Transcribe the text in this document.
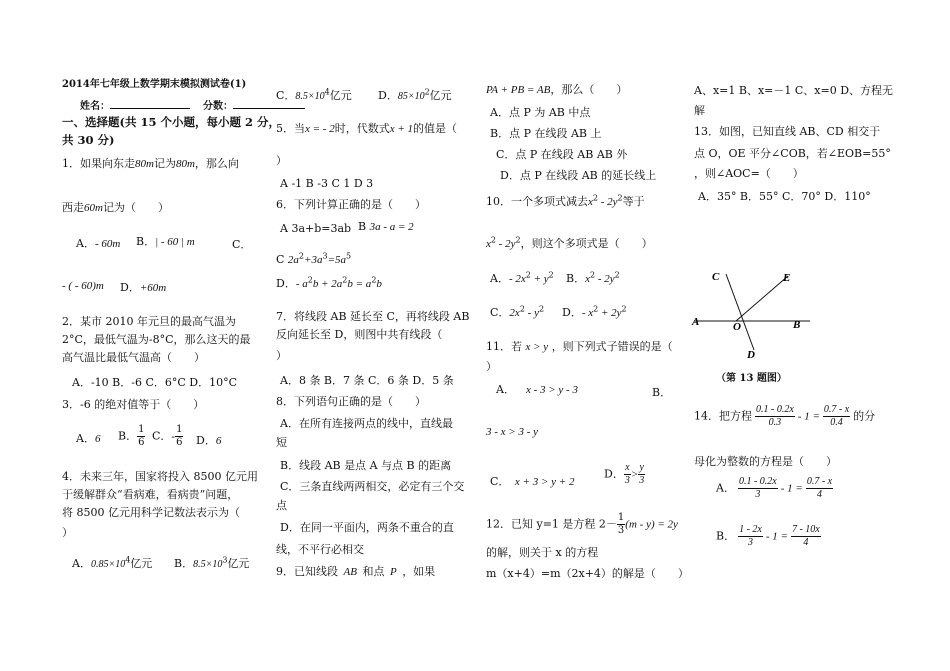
2014年七年级上数学期末模拟测试卷(1)
姓名：	分数：
一、选择题(共 15 个小题，每小题 2 分，
共 30 分)
1．如果向东走80m记为80m，那么向
西走60m记为（　　）
A．- 60m B．| - 60 | m	C．
- ( - 60)m D．+60m
2．某市 2010 年元旦的最高气温为
2°C，最低气温为-8°C，那么这天的最
高气温比最低气温高（　　）
A．-10 B．-6 C．6°C D．10°C
3．-6 的绝对值等于（　　）
A．6 B． $\frac{1}{6}$ C．- $\frac{1}{6}$ D．6
4．未来三年，国家将投入 8500 亿元用
于缓解群众“看病难，看病贵”问题，
将 8500 亿元用科学记数法表示为（
）
A．$0.85\times 10^4$亿元 B．$8.5\times 10^3$亿元
C．$8.5\times 10^4$亿元 D．$85\times 10^2$亿元
5．当x = - 2时，代数式x + 1的值是（
）
A -1 B -3 C 1 D 3
6．下列计算正确的是（　　）
A 3a+b=3ab B 3a - a = 2
C $2a^2+3a^3=5a^5$
D．- $a^2b + 2a^2b = a^2b$
7．将线段 AB 延长至 C，再将线段 AB
反向延长至 D，则图中共有线段（
）
A．8 条 B．7 条 C．6 条 D．5 条
8．下列语句正确的是（　　）
A．在所有连接两点的线中，直线最
短
B．线段 AB 是点 A 与点 B 的距离
C．三条直线两两相交，必定有三个交
点
D．在同一平面内，两条不重合的直
线，不平行必相交
9．已知线段  AB  和点  P  ，如果
PA + PB = AB，那么（　　）
A．点 P 为 AB 中点
B．点 P 在线段 AB 上
C．点 P 在线段 AB AB 外
D．点 P 在线段 AB 的延长线上
10．一个多项式减去$x^2 - 2y^2$等于
$x^2 - 2y^2$，则这个多项式是（　　）
A．- $2x^2 + y^2$ B．$x^2 - 2y^2$
C．$2x^2 - y^2$ D．- $x^2 + 2y^2$
11．若 x > y ，则下列式子错误的是（
）
A．  x - 3 > y - 3	B．
3 - x > 3 - y
C．  x + 3 > y + 2
D． $\frac{x}{3} > \frac{y}{3}$
12．已知 y=1 是方程 $2- \frac{1}{3} (m - y) = 2y$
的解，则关于 x 的方程
m（x+4）=m（2x+4）的解是（　　）
A、x=1 B、x=－1 C、x=0 D、方程无
解
13．如图，已知直线 AB、CD 相交于
点 O，OE 平分∠COB，若∠EOB=55°
，则∠AOC=（　　）
A．35° B．55° C．70° D．110°
C	E
A	O	B
D
（第 13 题图）
14．把方程 $\frac{0.1 - 0.2x}{0.3} - 1 = \frac{0.7 - x}{0.4}$ 的分
母化为整数的方程是（　　）
A． $\frac{0.1 - 0.2x}{3} - 1 = \frac{0.7 - x}{4}$
B． $\frac{1 - 2x}{3} - 1 = \frac{7 - 10x}{4}$
